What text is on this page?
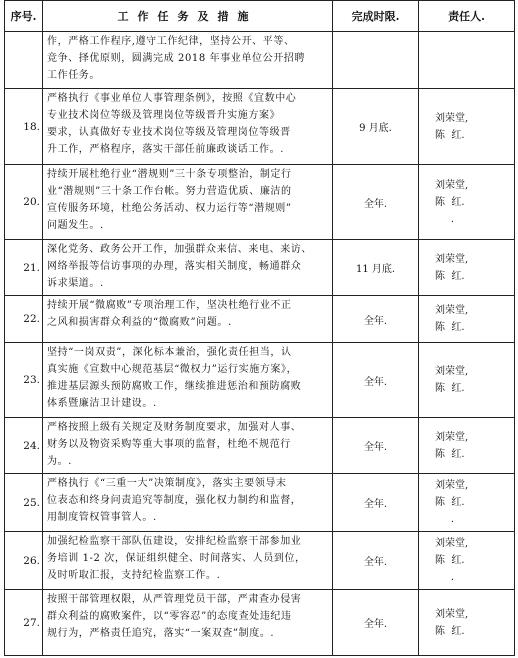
序号.	工作任务及措施	完成时限.	责任人.

	作，严格工作程序,遵守工作纪律，坚持公开、平等、
竞争、择优原则，圆满完成 2018 年事业单位公开招聘
工作任务。		

18.	严格执行《事业单位人事管理条例》，按照《宜数中心
专业技术岗位等级及管理岗位等级晋升实施方案》
要求，认真做好专业技术岗位等级及管理岗位等级晋
升工作，严格程序，落实干部任前廉政谈话工作。.	9 月底.	刘荣堂,
陈  红.

20.	持续开展杜绝行业“潜规则”三十条专项整治，制定行
业“潜规则”三十条工作台帐。努力营造优质、廉洁的
宣传服务环境，杜绝公务活动、权力运行等“潜规则”
问题发生。.	全年.	刘荣堂,
陈  红.
.

21.	深化党务、政务公开工作，加强群众来信、来电、来访、
网络举报等信访事项的办理，落实相关制度，畅通群众
诉求渠道。.	11 月底.	刘荣堂,
陈  红.

22.	持续开展“微腐败”专项治理工作，坚决杜绝行业不正
之风和损害群众利益的“微腐败”问题。.	全年.	刘荣堂,
陈  红.

23.	坚持“一岗双责”，深化标本兼治，强化责任担当，认
真实施《宣数中心规范基层“微权力”运行实施方案》，
推进基层源头预防腐败工作，继续推进惩治和预防腐败
体系暨廉洁卫计建设。.	全年.	刘荣堂,
陈  红.

24.	严格按照上级有关规定及财务制度要求，加强对人事、
财务以及物资采购等重大事项的监督，杜绝不规范行
为。.	全年.	刘荣堂,
陈  红.

25.	严格执行《“三重一大”决策制度》，落实主要领导末
位表态和终身问责追究等制度，强化权力制约和监督，
用制度管权管事管人。.	全年.	刘荣堂,
陈  红.
.

26.	加强纪检监察干部队伍建设，安排纪检监察干部参加业
务培训 1-2 次，保证组织健全、时间落实、人员到位，
及时听取汇报，支持纪检监察工作。.	全年.	刘荣堂,
陈  红.
.

27.	按照干部管理权限，从严管理党员干部，严肃查办侵害
群众利益的腐败案件，以“零容忍”的态度查处违纪违
规行为，严格责任追究，落实“一案双查”制度。.	全年.	刘荣堂,
陈  红.
